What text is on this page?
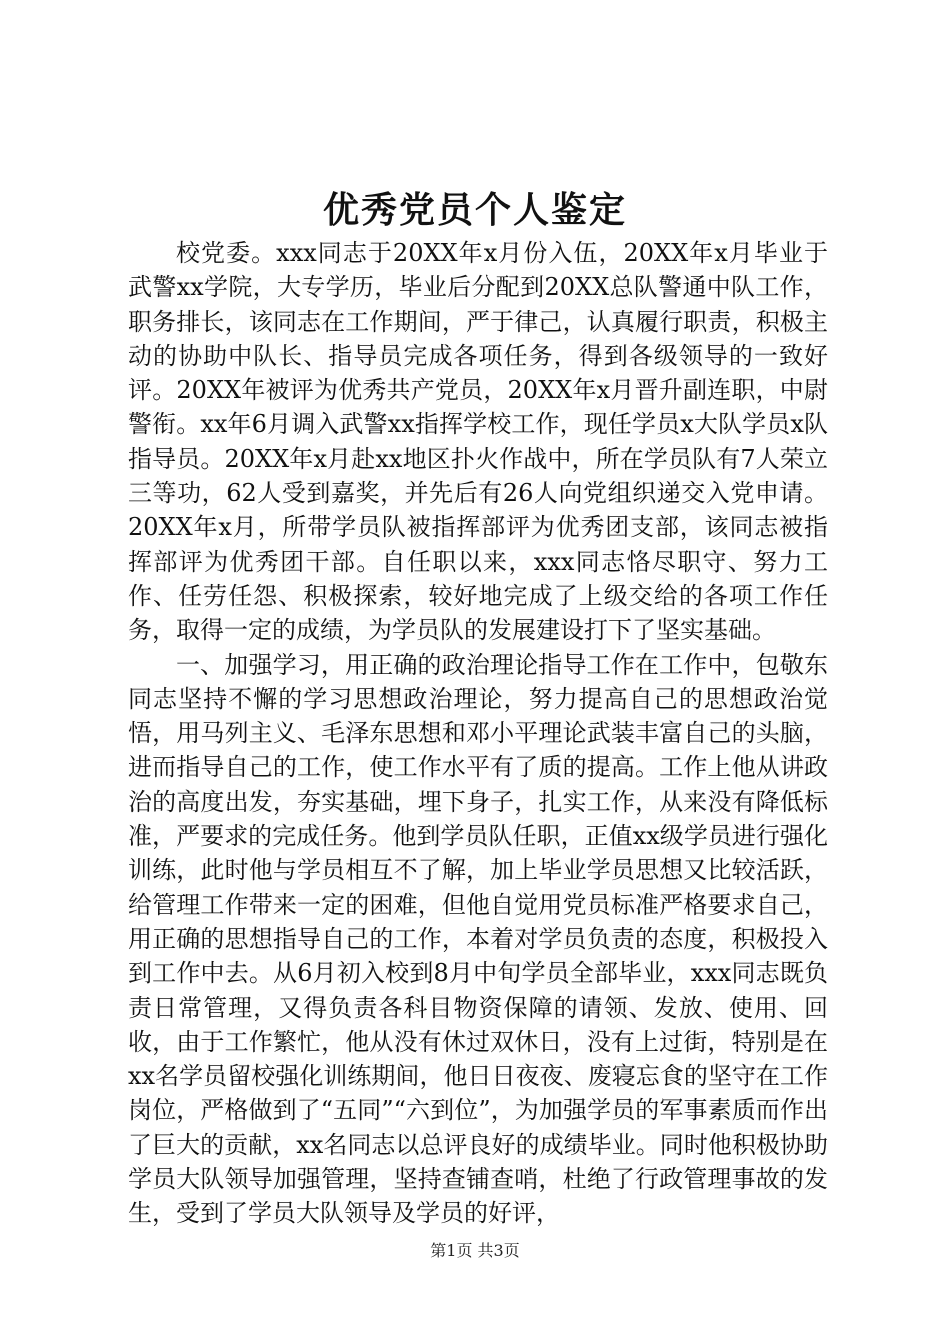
优秀党员个人鉴定

校党委。xxx同志于20XX年x月份入伍，20XX年x月毕业于武警xx学院，大专学历，毕业后分配到20XX总队警通中队工作，职务排长，该同志在工作期间，严于律己，认真履行职责，积极主动的协助中队长、指导员完成各项任务，得到各级领导的一致好评。20XX年被评为优秀共产党员，20XX年x月晋升副连职，中尉警衔。xx年6月调入武警xx指挥学校工作，现任学员x大队学员x队指导员。20XX年x月赴xx地区扑火作战中，所在学员队有7人荣立三等功，62人受到嘉奖，并先后有26人向党组织递交入党申请。20XX年x月，所带学员队被指挥部评为优秀团支部，该同志被指挥部评为优秀团干部。自任职以来，xxx同志恪尽职守、努力工作、任劳任怨、积极探索，较好地完成了上级交给的各项工作任务，取得一定的成绩，为学员队的发展建设打下了坚实基础。

一、加强学习，用正确的政治理论指导工作在工作中，包敬东同志坚持不懈的学习思想政治理论，努力提高自己的思想政治觉悟，用马列主义、毛泽东思想和邓小平理论武装丰富自己的头脑，进而指导自己的工作，使工作水平有了质的提高。工作上他从讲政治的高度出发，夯实基础，埋下身子，扎实工作，从来没有降低标准，严要求的完成任务。他到学员队任职，正值xx级学员进行强化训练，此时他与学员相互不了解，加上毕业学员思想又比较活跃，给管理工作带来一定的困难，但他自觉用党员标准严格要求自己，用正确的思想指导自己的工作，本着对学员负责的态度，积极投入到工作中去。从6月初入校到8月中旬学员全部毕业，xxx同志既负责日常管理，又得负责各科目物资保障的请领、发放、使用、回收，由于工作繁忙，他从没有休过双休日，没有上过街，特别是在xx名学员留校强化训练期间，他日日夜夜、废寝忘食的坚守在工作岗位，严格做到了“五同”“六到位”，为加强学员的军事素质而作出了巨大的贡献，xx名同志以总评良好的成绩毕业。同时他积极协助学员大队领导加强管理，坚持查铺查哨，杜绝了行政管理事故的发生，受到了学员大队领导及学员的好评，

第1页 共3页
